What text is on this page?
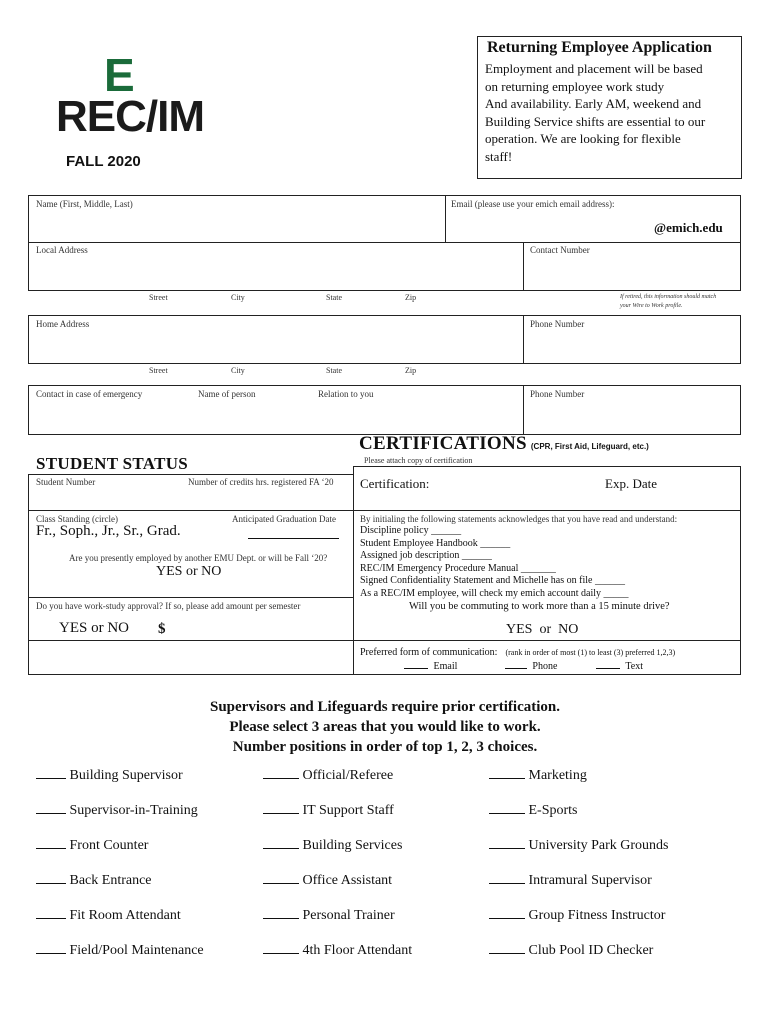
E
REC/IM
FALL 2020
Returning Employee Application
Employment and placement will be based
on returning employee work study
And availability. Early AM, weekend and
Building Service shifts are essential to our
operation. We are looking for flexible
staff!
Name (First, Middle, Last)	Email (please use your emich email address):
@emich.edu
Local Address	Contact Number
Street	City	State	Zip	If retired, this information should match
your Wire to Work profile.
Home Address	Phone Number
Street	City	State	Zip
Contact in case of emergency	Name of person	Relation to you	Phone Number
CERTIFICATIONS (CPR, First Aid, Lifeguard, etc.)
Please attach copy of certification
STUDENT STATUS
Student Number	Number of credits hrs. registered FA ‘20
Class Standing (circle)	Anticipated Graduation Date
Fr., Soph., Jr., Sr., Grad.
Are you presently employed by another EMU Dept. or will be Fall ‘20?
YES or NO
Do you have work-study approval? If so, please add amount per semester
YES or NO $
Certification:	Exp. Date
By initialing the following statements acknowledges that you have read and understand:
Discipline policy ______
Student Employee Handbook ______
Assigned job description ______
REC/IM Emergency Procedure Manual _______
Signed Confidentiality Statement and Michelle has on file ______
As a REC/IM employee, will check my emich account daily _____
Will you be commuting to work more than a 15 minute drive?
YES  or  NO
Preferred form of communication: (rank in order of most (1) to least (3) preferred 1,2,3)
Email	Phone	Text
Supervisors and Lifeguards require prior certification.
Please select 3 areas that you would like to work.
Number positions in order of top 1, 2, 3 choices.
Building Supervisor
Supervisor-in-Training
Front Counter
Back Entrance
Fit Room Attendant
Field/Pool Maintenance
Official/Referee
IT Support Staff
Building Services
Office Assistant
Personal Trainer
4th Floor Attendant
Marketing
E-Sports
University Park Grounds
Intramural Supervisor
Group Fitness Instructor
Club Pool ID Checker
